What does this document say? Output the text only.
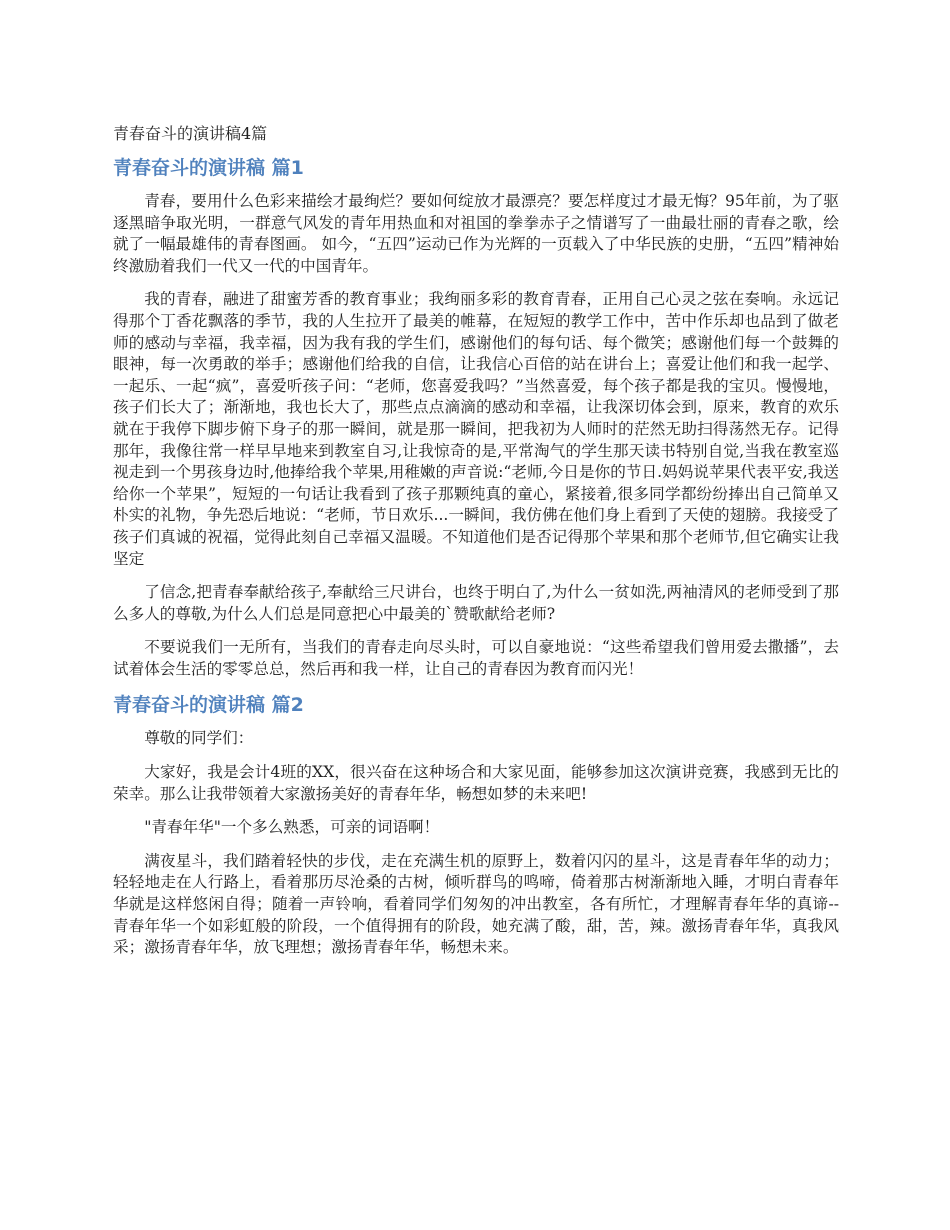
青春奋斗的演讲稿4篇
青春奋斗的演讲稿 篇1

青春，要用什么色彩来描绘才最绚烂？要如何绽放才最漂亮？要怎样度过才最无悔？95年前，为了驱逐黑暗争取光明，一群意气风发的青年用热血和对祖国的拳拳赤子之情谱写了一曲最壮丽的青春之歌，绘就了一幅最雄伟的青春图画。 如今，“五四”运动已作为光辉的一页载入了中华民族的史册，“五四”精神始终激励着我们一代又一代的中国青年。

我的青春，融进了甜蜜芳香的教育事业；我绚丽多彩的教育青春，正用自己心灵之弦在奏响。永远记得那个丁香花飘落的季节，我的人生拉开了最美的帷幕，在短短的教学工作中，苦中作乐却也品到了做老师的感动与幸福，我幸福，因为我有我的学生们，感谢他们的每句话、每个微笑；感谢他们每一个鼓舞的眼神，每一次勇敢的举手；感谢他们给我的自信，让我信心百倍的站在讲台上；喜爱让他们和我一起学、一起乐、一起“疯”，喜爱听孩子问：“老师，您喜爱我吗？”当然喜爱，每个孩子都是我的宝贝。慢慢地，孩子们长大了；渐渐地，我也长大了，那些点点滴滴的感动和幸福，让我深切体会到，原来，教育的欢乐就在于我停下脚步俯下身子的那一瞬间，就是那一瞬间，把我初为人师时的茫然无助扫得荡然无存。记得那年，我像往常一样早早地来到教室自习,让我惊奇的是,平常淘气的学生那天读书特别自觉,当我在教室巡视走到一个男孩身边时,他捧给我个苹果,用稚嫩的声音说:“老师,今日是你的节日.妈妈说苹果代表平安,我送给你一个苹果”，短短的一句话让我看到了孩子那颗纯真的童心，紧接着,很多同学都纷纷捧出自己简单又朴实的礼物，争先恐后地说：“老师，节日欢乐...一瞬间，我仿佛在他们身上看到了天使的翅膀。我接受了孩子们真诚的祝福，觉得此刻自己幸福又温暖。不知道他们是否记得那个苹果和那个老师节,但它确实让我坚定

了信念,把青春奉献给孩子,奉献给三尺讲台，也终于明白了,为什么一贫如洗,两袖清风的老师受到了那么多人的尊敬,为什么人们总是同意把心中最美的`赞歌献给老师?

不要说我们一无所有，当我们的青春走向尽头时，可以自豪地说：“这些希望我们曾用爱去撒播”，去试着体会生活的零零总总，然后再和我一样，让自己的青春因为教育而闪光！

青春奋斗的演讲稿 篇2

尊敬的同学们：

大家好，我是会计4班的XX，很兴奋在这种场合和大家见面，能够参加这次演讲竞赛，我感到无比的荣幸。那么让我带领着大家激扬美好的青春年华，畅想如梦的未来吧!

"青春年华"一个多么熟悉，可亲的词语啊！

满夜星斗，我们踏着轻快的步伐，走在充满生机的原野上，数着闪闪的星斗，这是青春年华的动力；轻轻地走在人行路上，看着那历尽沧桑的古树，倾听群鸟的鸣啼，倚着那古树渐渐地入睡，才明白青春年华就是这样悠闲自得；随着一声铃响，看着同学们匆匆的冲出教室，各有所忙，才理解青春年华的真谛--青春年华一个如彩虹般的阶段，一个值得拥有的阶段，她充满了酸，甜，苦，辣。激扬青春年华，真我风采；激扬青春年华，放飞理想；激扬青春年华，畅想未来。
